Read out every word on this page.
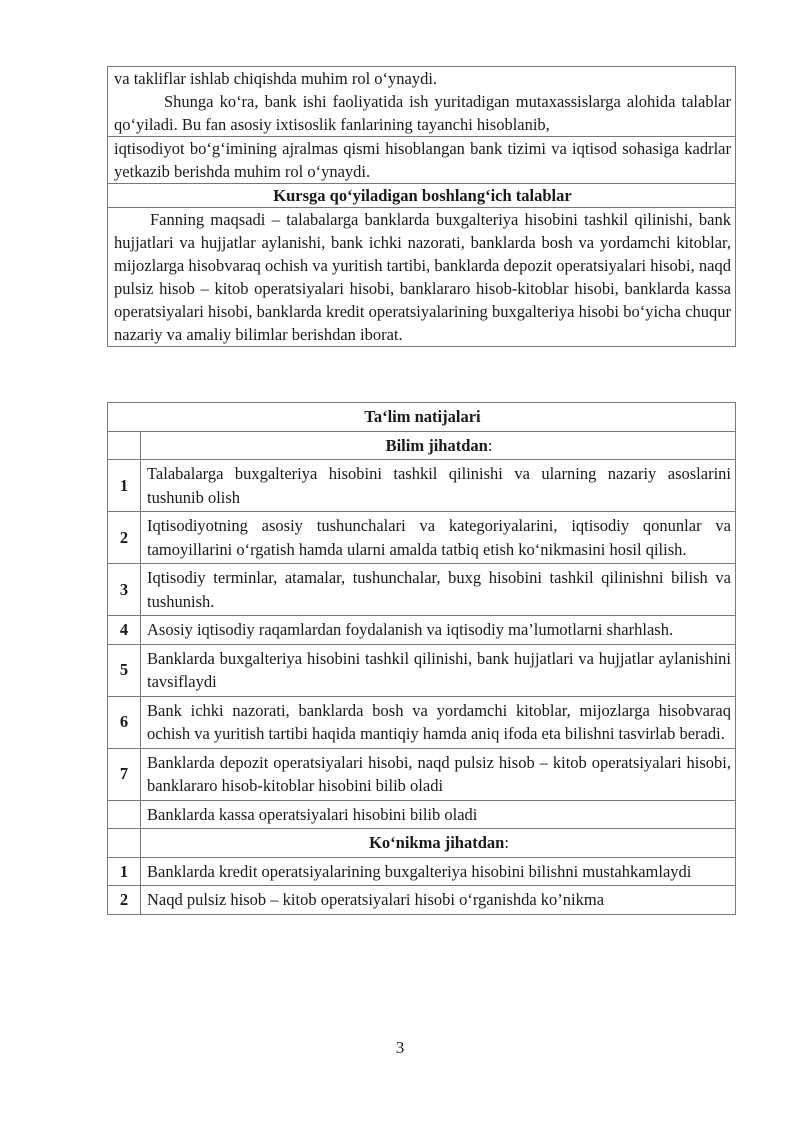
va takliflar ishlab chiqishda muhim rol o‘ynaydi.
Shunga ko‘ra, bank ishi faoliyatida ish yuritadigan mutaxassislarga alohida talablar qo‘yiladi. Bu fan asosiy ixtisoslik fanlarining tayanchi hisoblanib,

iqtisodiyot bo‘g‘imining ajralmas qismi hisoblangan bank tizimi va iqtisod sohasiga kadrlar yetkazib berishda muhim rol o‘ynaydi.

Kursga qo‘yiladigan boshlang‘ich talablar

Fanning maqsadi – talabalarga banklarda buxgalteriya hisobini tashkil qilinishi, bank hujjatlari va hujjatlar aylanishi, bank ichki nazorati, banklarda bosh va yordamchi kitoblar, mijozlarga hisobvaraq ochish va yuritish tartibi, banklarda depozit operatsiyalari hisobi, naqd pulsiz hisob – kitob operatsiyalari hisobi, banklararo hisob-kitoblar hisobi, banklarda kassa operatsiyalari hisobi, banklarda kredit operatsiyalarining buxgalteriya hisobi bo‘yicha chuqur nazariy va amaliy bilimlar berishdan iborat.
Ta‘lim natijalari	
	Bilim jihatdan:
1	Talabalarga buxgalteriya hisobini tashkil qilinishi va ularning nazariy asoslarini tushunib olish
2	Iqtisodiyotning asosiy tushunchalari va kategoriyalarini, iqtisodiy qonunlar va tamoyillarini o‘rgatish hamda ularni amalda tatbiq etish ko‘nikmasini hosil qilish.
3	Iqtisodiy terminlar, atamalar, tushunchalar, buxg hisobini tashkil qilinishni bilish va tushunish.
4	Asosiy iqtisodiy raqamlardan foydalanish va iqtisodiy ma’lumotlarni sharhlash.
5	Banklarda buxgalteriya hisobini tashkil qilinishi, bank hujjatlari va hujjatlar aylanishini tavsiflaydi
6	Bank ichki nazorati, banklarda bosh va yordamchi kitoblar, mijozlarga hisobvaraq ochish va yuritish tartibi haqida mantiqiy hamda aniq ifoda eta bilishni tasvirlab beradi.
7	Banklarda depozit operatsiyalari hisobi, naqd pulsiz hisob – kitob operatsiyalari hisobi, banklararo hisob-kitoblar hisobini bilib oladi
	Banklarda kassa operatsiyalari hisobini bilib oladi
	Ko‘nikma jihatdan:
1	Banklarda kredit operatsiyalarining buxgalteriya hisobini bilishni mustahkamlaydi
2	Naqd pulsiz hisob – kitob operatsiyalari hisobi o‘rganishda ko’nikma
3
